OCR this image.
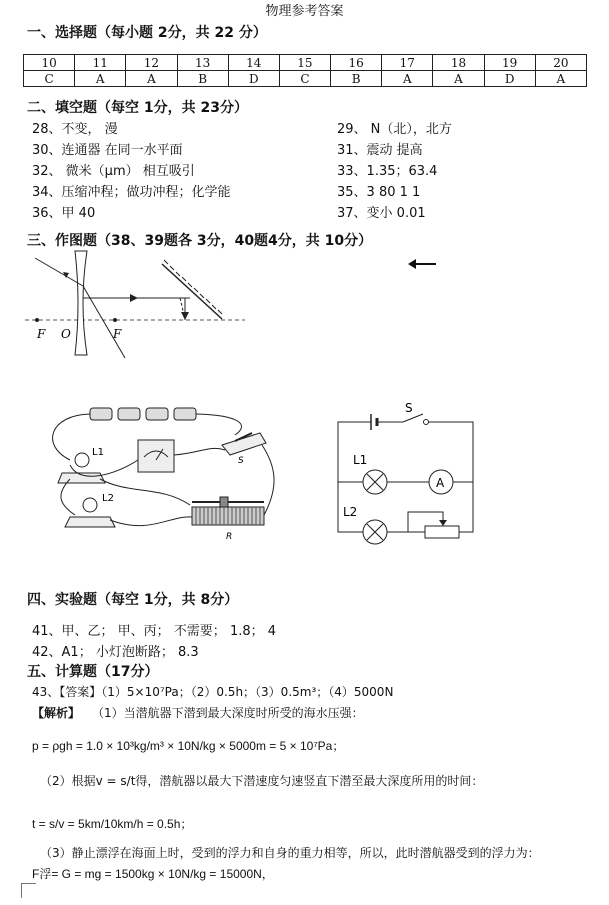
物理参考答案
一、选择题（每小题 2分，共 22 分）
10	11	12	13	14	15	16	17	18	19	20
C	A	A	B	D	C	B	A	A	D	A
二、填空题（每空 1分，共 23分）
28、不变， 漫	29、 N（北），北方
30、连通器 在同一水平面	31、震动 提高
32、 微米（μm） 相互吸引	33、1.35；63.4
34、压缩冲程；做功冲程；化学能	35、3 80 1 1
36、甲 40	37、变小 0.01
三、作图题（38、39题各 3分，40题4分，共 10分）
F O	F
L1
S
L2
R
S
L1
A
L2
四、实验题（每空 1分，共 8分）
41、甲、乙； 甲、丙； 不需要； 1.8； 4
42、A1； 小灯泡断路； 8.3
五、计算题（17分）
43、【答案】（1）5×10⁷Pa；（2）0.5h；（3）0.5m³；（4）5000N
【解析】 （1）当潜航器下潜到最大深度时所受的海水压强：
p = ρgh = 1.0 × 10³kg/m³ × 10N/kg × 5000m = 5 × 10⁷Pa；
（2）根据v = s/t得，潜航器以最大下潜速度匀速竖直下潜至最大深度所用的时间：
t = s/v = 5km/10km/h = 0.5h；
（3）静止漂浮在海面上时，受到的浮力和自身的重力相等，所以，此时潜航器受到的浮力为：
F浮= G = mg = 1500kg × 10N/kg = 15000N，
